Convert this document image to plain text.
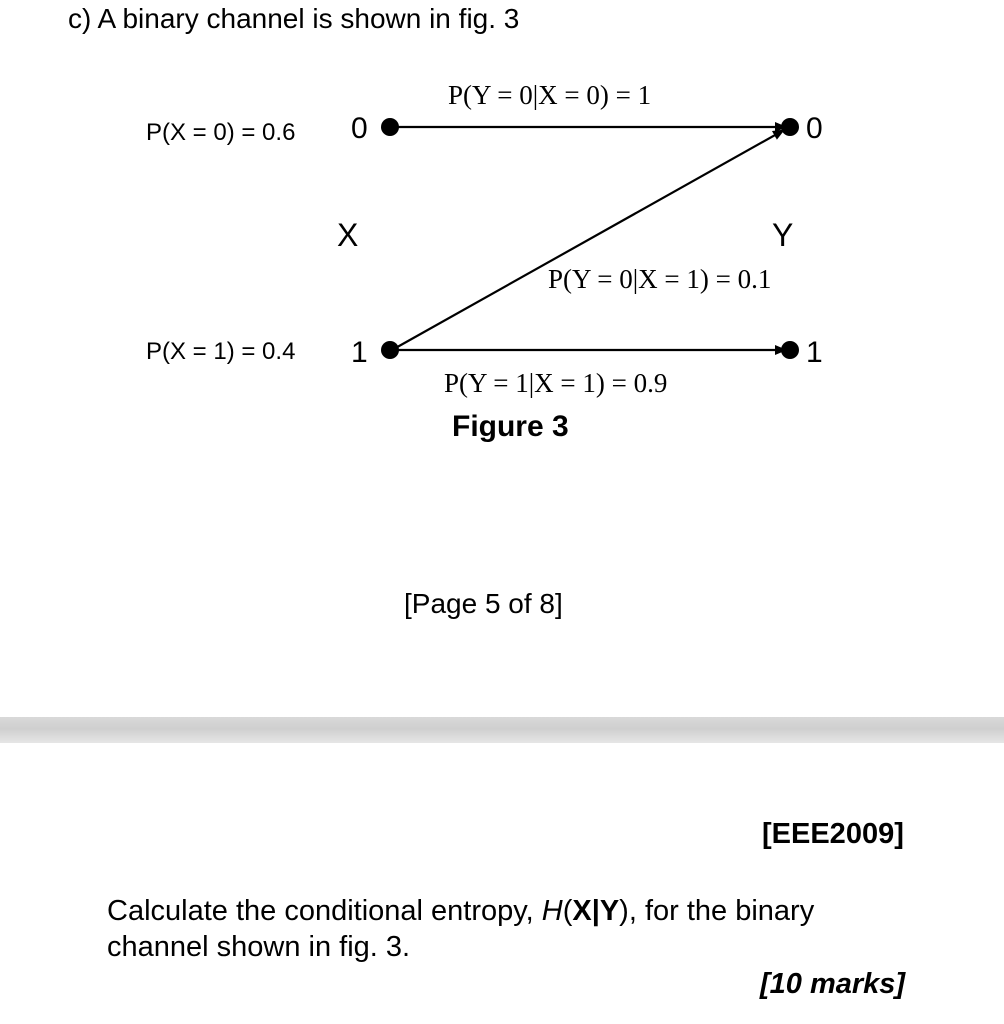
c) A binary channel is shown in fig. 3
0
1
0
1
P(X = 0) = 0.6
P(X = 1) = 0.4
X	Y
P(Y = 0|X = 0) = 1
P(Y = 0|X = 1) = 0.1
P(Y = 1|X = 1) = 0.9
Figure 3
[Page 5 of 8]
[EEE2009]
Calculate the conditional entropy, H(X|Y), for the binary
channel shown in fig. 3.
[10 marks]
